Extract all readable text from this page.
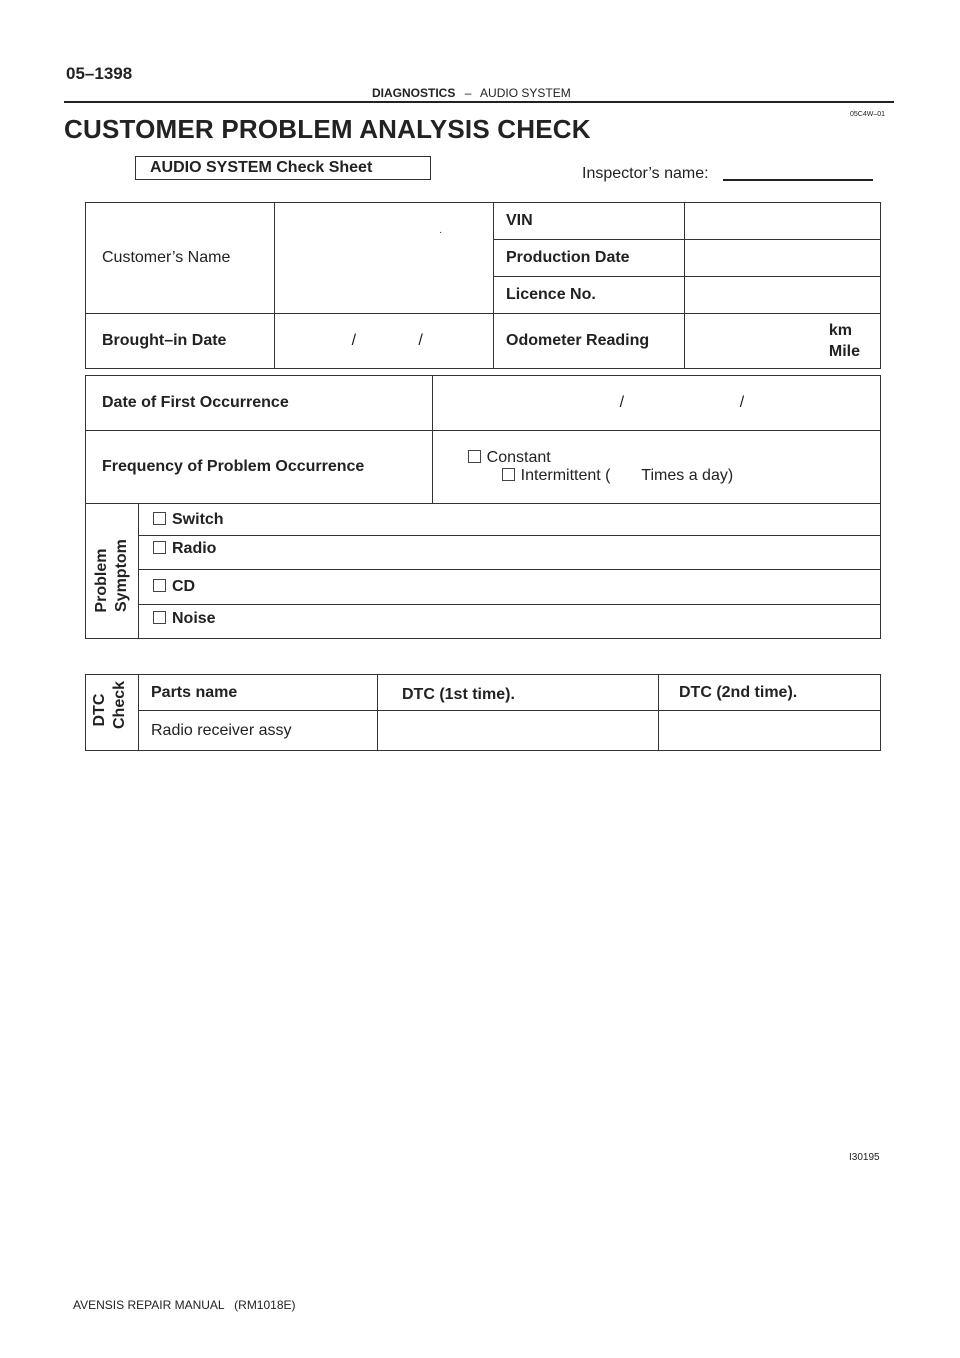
05–1398
DIAGNOSTICS – AUDIO SYSTEM
05C4W–01
CUSTOMER PROBLEM ANALYSIS CHECK
AUDIO SYSTEM Check Sheet	Inspector’s name:
Customer’s Name	·	VIN	
		Production Date	
		Licence No.	
Brought–in Date	/              /	Odometer Reading	km
Mile
Date of First Occurrence	/                          /

Frequency of Problem Occurrence	Constant
Intermittent (       Times a day)

Problem Symptom
	Switch
Radio
CD
Noise
DTC Check	Parts name	DTC (1st time).	DTC (2nd time).
	Radio receiver assy		
I30195
AVENSIS REPAIR MANUAL   (RM1018E)
